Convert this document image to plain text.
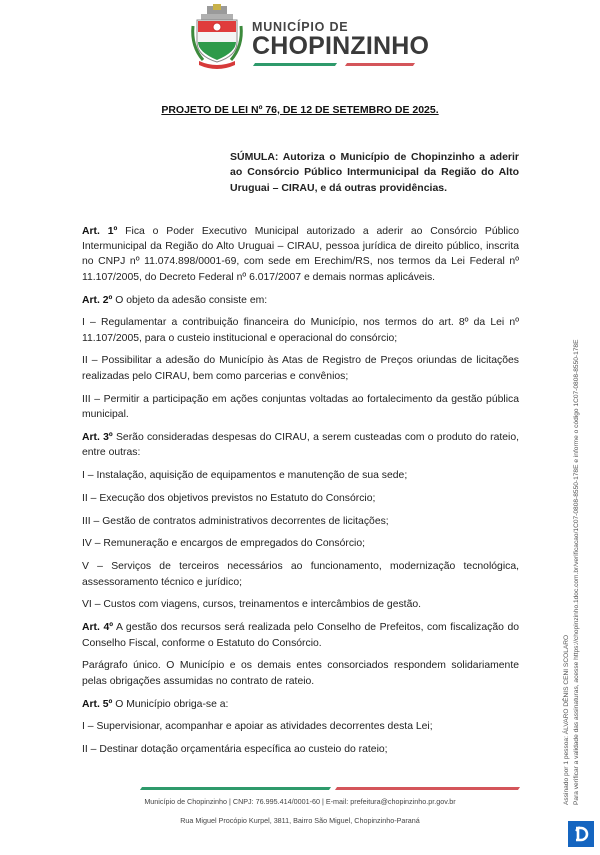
MUNICÍPIO DE
CHOPINZINHO
PROJETO DE LEI Nº 76, DE 12 DE SETEMBRO DE 2025.
SÚMULA: Autoriza o Município de Chopinzinho a aderir ao Consórcio Público Intermunicipal da Região do Alto Uruguai – CIRAU, e dá outras providências.

Art. 1º Fica o Poder Executivo Municipal autorizado a aderir ao Consórcio Público Intermunicipal da Região do Alto Uruguai – CIRAU, pessoa jurídica de direito público, inscrita no CNPJ nº 11.074.898/0001-69, com sede em Erechim/RS, nos termos da Lei Federal nº 11.107/2005, do Decreto Federal nº 6.017/2007 e demais normas aplicáveis.

Art. 2º O objeto da adesão consiste em:

I – Regulamentar a contribuição financeira do Município, nos termos do art. 8º da Lei nº 11.107/2005, para o custeio institucional e operacional do consórcio;

II – Possibilitar a adesão do Município às Atas de Registro de Preços oriundas de licitações realizadas pelo CIRAU, bem como parcerias e convênios;

III – Permitir a participação em ações conjuntas voltadas ao fortalecimento da gestão pública municipal.

Art. 3º Serão consideradas despesas do CIRAU, a serem custeadas com o produto do rateio, entre outras:

I – Instalação, aquisição de equipamentos e manutenção de sua sede;

II – Execução dos objetivos previstos no Estatuto do Consórcio;

III – Gestão de contratos administrativos decorrentes de licitações;

IV – Remuneração e encargos de empregados do Consórcio;

V – Serviços de terceiros necessários ao funcionamento, modernização tecnológica, assessoramento técnico e jurídico;

VI – Custos com viagens, cursos, treinamentos e intercâmbios de gestão.

Art. 4º A gestão dos recursos será realizada pelo Conselho de Prefeitos, com fiscalização do Conselho Fiscal, conforme o Estatuto do Consórcio.

Parágrafo único. O Município e os demais entes consorciados respondem solidariamente pelas obrigações assumidas no contrato de rateio.

Art. 5º O Município obriga-se a:

I – Supervisionar, acompanhar e apoiar as atividades decorrentes desta Lei;

II – Destinar dotação orçamentária específica ao custeio do rateio;

Município de Chopinzinho | CNPJ: 76.995.414/0001-60 | E-mail: prefeitura@chopinzinho.pr.gov.br
Rua Miguel Procópio Kurpel, 3811, Bairro São Miguel, Chopinzinho-Paraná
Assinado por 1 pessoa: ÁLVARO DÊNIS CENI SCOLARO Para verificar a validade das assinaturas, acesse https://chopinzinho.1doc.com.br/verificacao/1C07-0808-8550-178E e informe o código 1C07-0808-8550-178E
